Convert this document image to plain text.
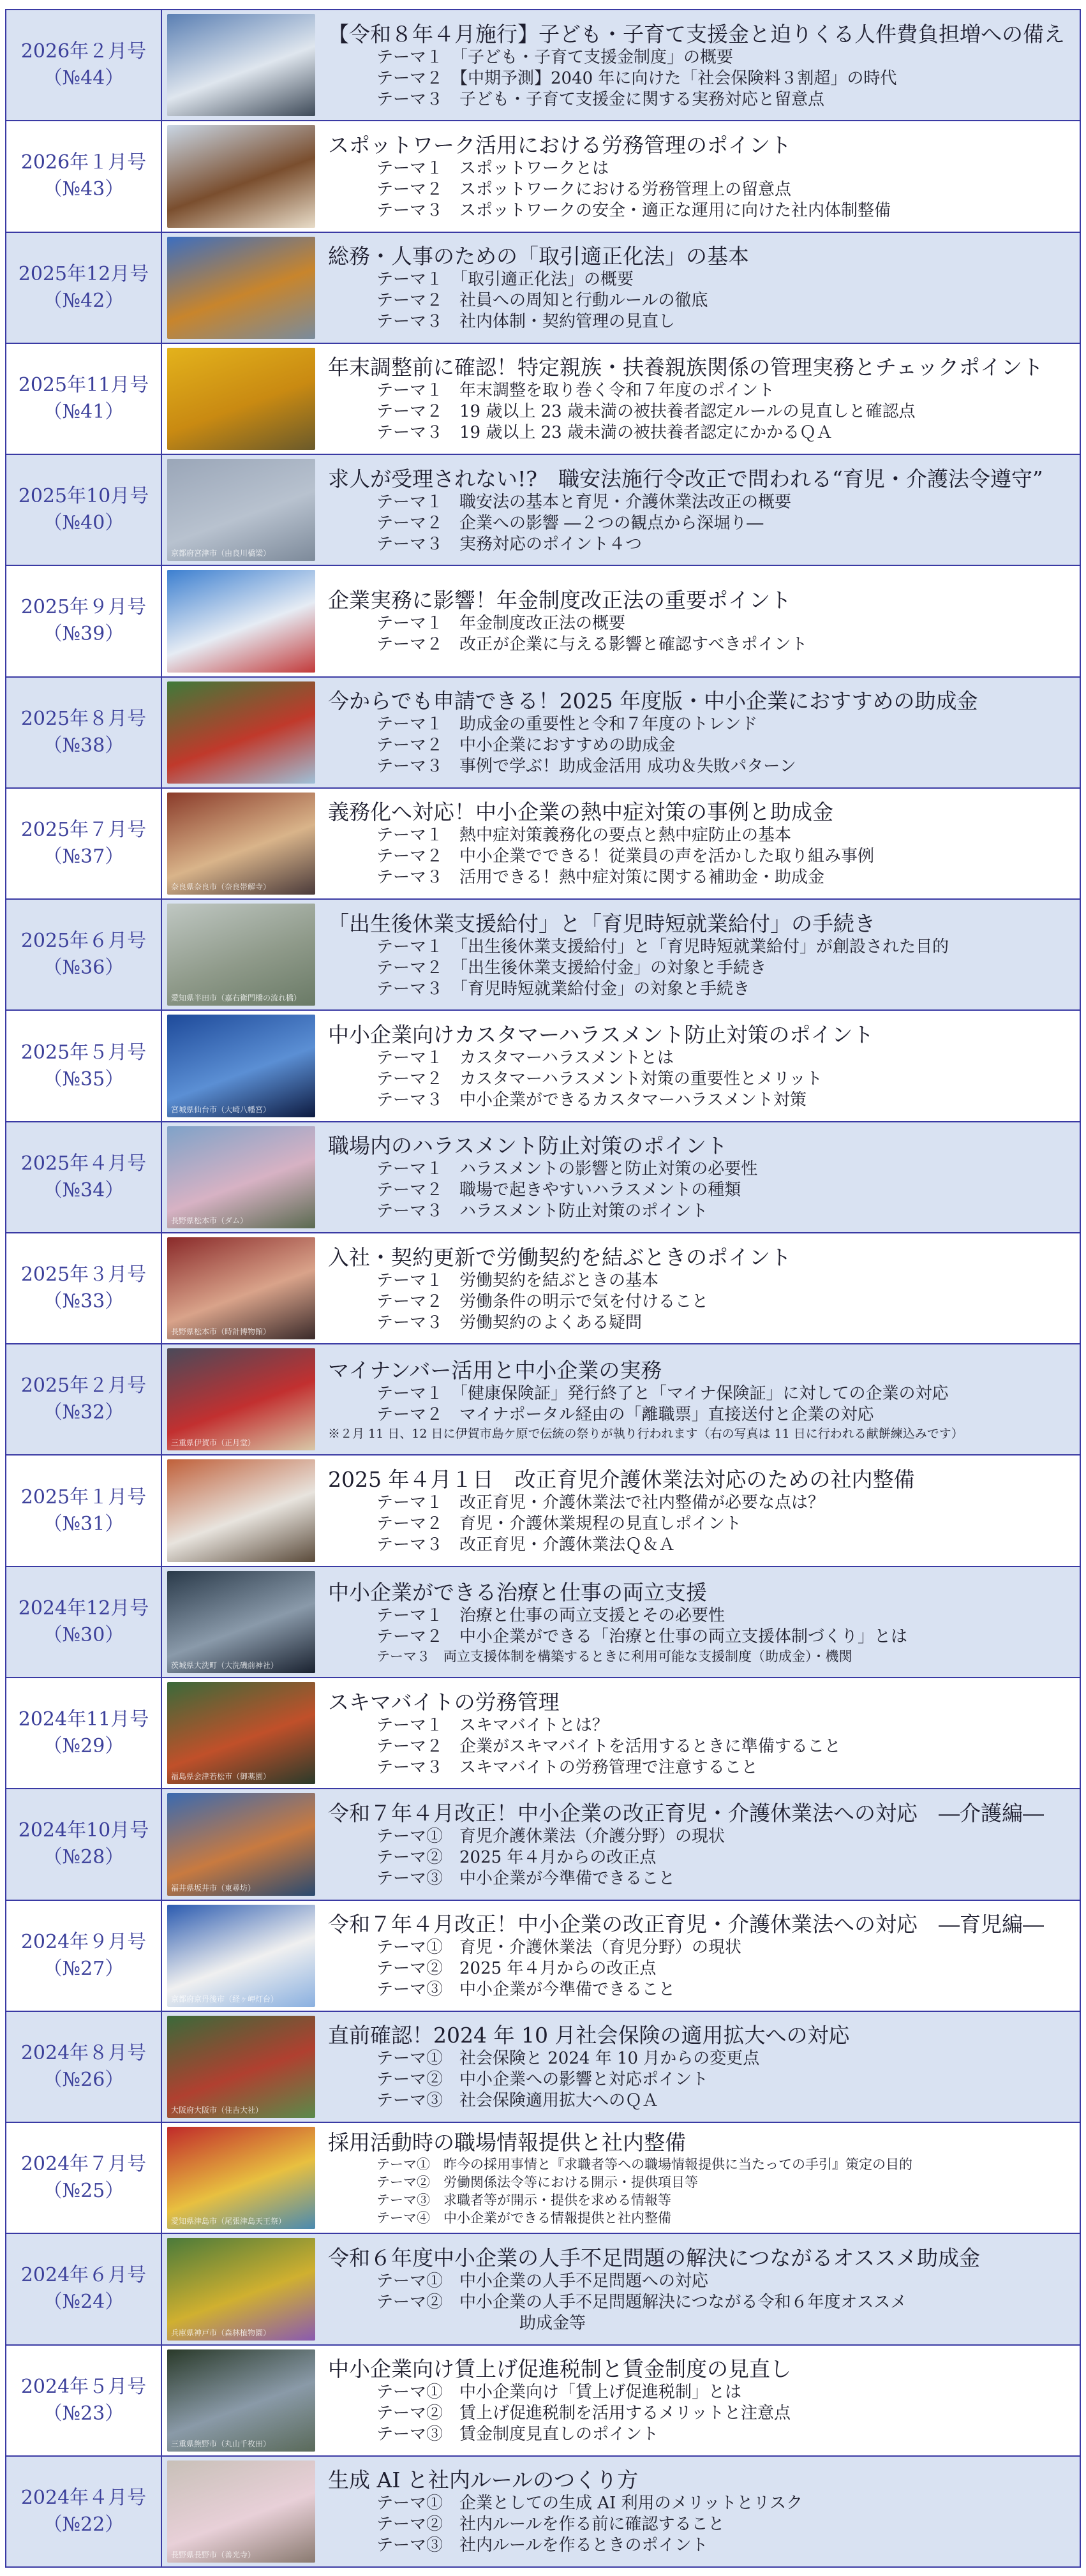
2026年２月号
（№44）
【令和８年４月施行】子ども・子育て支援金と迫りくる人件費負担増への備え
テーマ１　「子ども・子育て支援金制度」の概要
テーマ２　【中期予測】2040 年に向けた「社会保険料３割超」の時代
テーマ３　子ども・子育て支援金に関する実務対応と留意点
2026年１月号
（№43）
スポットワーク活用における労務管理のポイント
テーマ１　スポットワークとは
テーマ２　スポットワークにおける労務管理上の留意点
テーマ３　スポットワークの安全・適正な運用に向けた社内体制整備
2025年12月号
（№42）
総務・人事のための「取引適正化法」の基本
テーマ１　「取引適正化法」の概要
テーマ２　社員への周知と行動ルールの徹底
テーマ３　社内体制・契約管理の見直し
2025年11月号
（№41）
年末調整前に確認！特定親族・扶養親族関係の管理実務とチェックポイント
テーマ１　年末調整を取り巻く令和７年度のポイント
テーマ２　19 歳以上 23 歳未満の被扶養者認定ルールの見直しと確認点
テーマ３　19 歳以上 23 歳未満の被扶養者認定にかかるＱＡ
2025年10月号
（№40）
京都府宮津市（由良川橋梁）
求人が受理されない!?　職安法施行令改正で問われる“育児・介護法令遵守”
テーマ１　職安法の基本と育児・介護休業法改正の概要
テーマ２　企業への影響 ―２つの観点から深堀り―
テーマ３　実務対応のポイント４つ
2025年９月号
（№39）
企業実務に影響！年金制度改正法の重要ポイント
テーマ１　年金制度改正法の概要
テーマ２　改正が企業に与える影響と確認すべきポイント
2025年８月号
（№38）
今からでも申請できる！2025 年度版・中小企業におすすめの助成金
テーマ１　助成金の重要性と令和７年度のトレンド
テーマ２　中小企業におすすめの助成金
テーマ３　事例で学ぶ！助成金活用 成功＆失敗パターン
2025年７月号
（№37）
奈良県奈良市（奈良帯解寺）
義務化へ対応！中小企業の熱中症対策の事例と助成金
テーマ１　熱中症対策義務化の要点と熱中症防止の基本
テーマ２　中小企業でできる！従業員の声を活かした取り組み事例
テーマ３　活用できる！熱中症対策に関する補助金・助成金
2025年６月号
（№36）
愛知県半田市（嘉右衛門橋の流れ橋）
「出生後休業支援給付」と「育児時短就業給付」の手続き
テーマ１　「出生後休業支援給付」と「育児時短就業給付」が創設された目的
テーマ２　「出生後休業支援給付金」の対象と手続き
テーマ３　「育児時短就業給付金」の対象と手続き
2025年５月号
（№35）
宮城県仙台市（大崎八幡宮）
中小企業向けカスタマーハラスメント防止対策のポイント
テーマ１　カスタマーハラスメントとは
テーマ２　カスタマーハラスメント対策の重要性とメリット
テーマ３　中小企業ができるカスタマーハラスメント対策
2025年４月号
（№34）
長野県松本市（ダム）
職場内のハラスメント防止対策のポイント
テーマ１　ハラスメントの影響と防止対策の必要性
テーマ２　職場で起きやすいハラスメントの種類
テーマ３　ハラスメント防止対策のポイント
2025年３月号
（№33）
長野県松本市（時計博物館）
入社・契約更新で労働契約を結ぶときのポイント
テーマ１　労働契約を結ぶときの基本
テーマ２　労働条件の明示で気を付けること
テーマ３　労働契約のよくある疑問
2025年２月号
（№32）
三重県伊賀市（正月堂）
マイナンバー活用と中小企業の実務
テーマ１　「健康保険証」発行終了と「マイナ保険証」に対しての企業の対応
テーマ２　マイナポータル経由の「離職票」直接送付と企業の対応
※２月 11 日、12 日に伊賀市島ケ原で伝統の祭りが執り行われます（右の写真は 11 日に行われる献餅練込みです）
2025年１月号
（№31）
2025 年４月１日　改正育児介護休業法対応のための社内整備
テーマ１　改正育児・介護休業法で社内整備が必要な点は？
テーマ２　育児・介護休業規程の見直しポイント
テーマ３　改正育児・介護休業法Ｑ＆Ａ
2024年12月号
（№30）
茨城県大洗町（大洗磯前神社）
中小企業ができる治療と仕事の両立支援
テーマ１　治療と仕事の両立支援とその必要性
テーマ２　中小企業ができる「治療と仕事の両立支援体制づくり」とは
テーマ３　両立支援体制を構築するときに利用可能な支援制度（助成金）・機関
2024年11月号
（№29）
福島県会津若松市（御薬園）
スキマバイトの労務管理
テーマ１　スキマバイトとは？
テーマ２　企業がスキマバイトを活用するときに準備すること
テーマ３　スキマバイトの労務管理で注意すること
2024年10月号
（№28）
福井県坂井市（東尋坊）
令和７年４月改正！中小企業の改正育児・介護休業法への対応　―介護編―
テーマ①　育児介護休業法（介護分野）の現状
テーマ②　2025 年４月からの改正点
テーマ③　中小企業が今準備できること
2024年９月号
（№27）
京都府京丹後市（経ヶ岬灯台）
令和７年４月改正！中小企業の改正育児・介護休業法への対応　―育児編―
テーマ①　育児・介護休業法（育児分野）の現状
テーマ②　2025 年４月からの改正点
テーマ③　中小企業が今準備できること
2024年８月号
（№26）
大阪府大阪市（住吉大社）
直前確認！2024 年 10 月社会保険の適用拡大への対応
テーマ①　社会保険と 2024 年 10 月からの変更点
テーマ②　中小企業への影響と対応ポイント
テーマ③　社会保険適用拡大へのＱＡ
2024年７月号
（№25）
愛知県津島市（尾張津島天王祭）
採用活動時の職場情報提供と社内整備
テーマ①　昨今の採用事情と『求職者等への職場情報提供に当たっての手引』策定の目的
テーマ②　労働関係法令等における開示・提供項目等
テーマ③　求職者等が開示・提供を求める情報等
テーマ④　中小企業ができる情報提供と社内整備
2024年６月号
（№24）
兵庫県神戸市（森林植物園）
令和６年度中小企業の人手不足問題の解決につながるオススメ助成金
テーマ①　中小企業の人手不足問題への対応
テーマ②　中小企業の人手不足問題解決につながる令和６年度オススメ
助成金等
2024年５月号
（№23）
三重県熊野市（丸山千枚田）
中小企業向け賃上げ促進税制と賃金制度の見直し
テーマ①　中小企業向け「賃上げ促進税制」とは
テーマ②　賃上げ促進税制を活用するメリットと注意点
テーマ③　賃金制度見直しのポイント
2024年４月号
（№22）
長野県長野市（善光寺）
生成 AI と社内ルールのつくり方
テーマ①　企業としての生成 AI 利用のメリットとリスク
テーマ②　社内ルールを作る前に確認すること
テーマ③　社内ルールを作るときのポイント
